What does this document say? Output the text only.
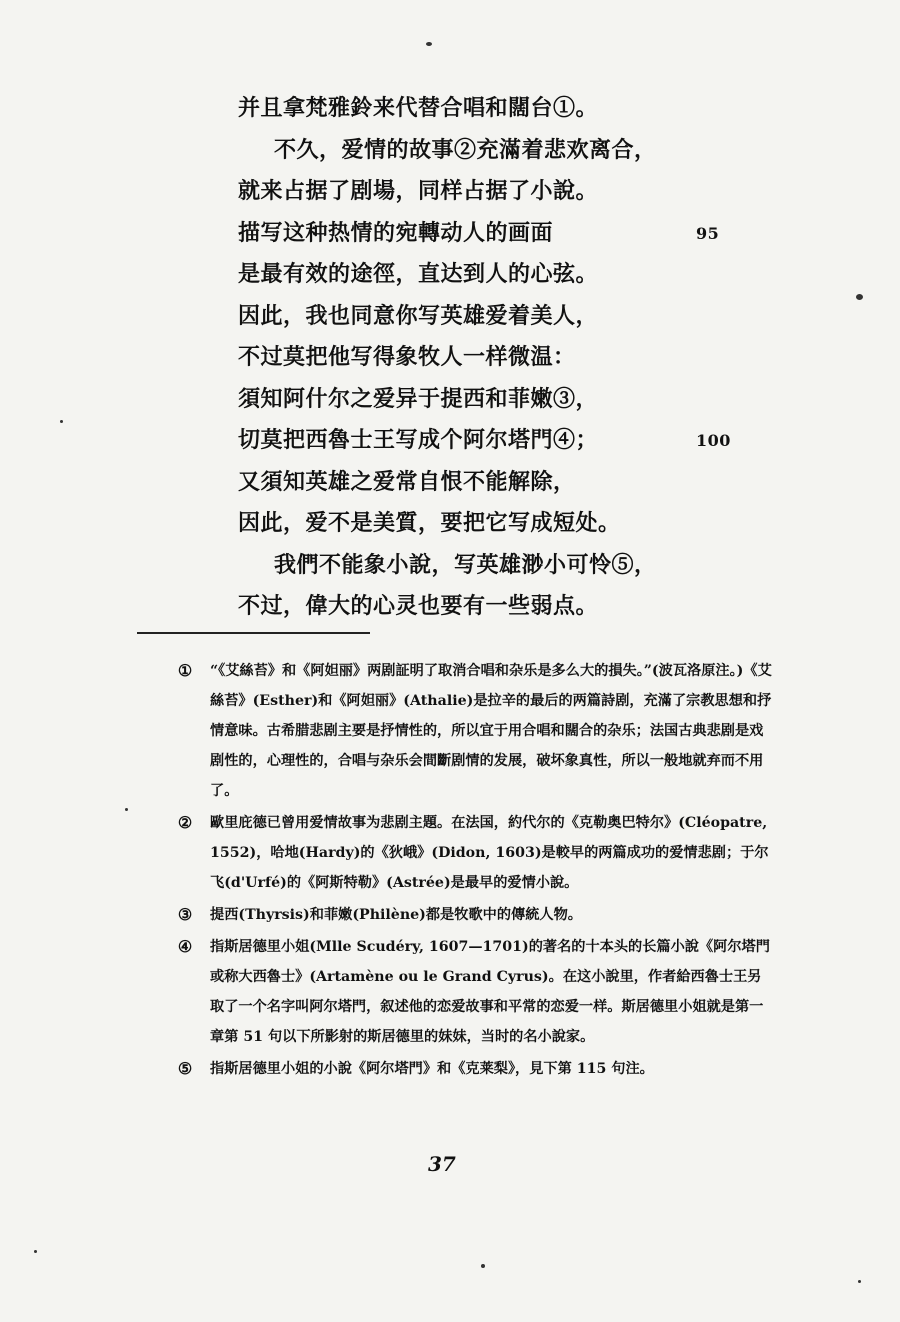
并且拿梵雅鈴来代替合唱和闊台①。
不久，爱情的故事②充滿着悲欢离合，
就来占据了剧場，同样占据了小說。
描写这种热情的宛轉动人的画面	95
是最有效的途徑，直达到人的心弦。
因此，我也同意你写英雄爱着美人，
不过莫把他写得象牧人一样微温：
須知阿什尔之爱异于提西和菲嫩③，
切莫把西魯士王写成个阿尔塔門④；	100
又須知英雄之爱常自恨不能解除，
因此，爱不是美質，要把它写成短处。
我們不能象小說，写英雄渺小可怜⑤，
不过，偉大的心灵也要有一些弱点。
①	“《艾絲苔》和《阿妲丽》两剧証明了取消合唱和杂乐是多么大的損失。”(波瓦洛原注。)《艾絲苔》(Esther)和《阿妲丽》(Athalie)是拉辛的最后的两篇詩剧，充滿了宗教思想和抒情意味。古希腊悲剧主要是抒情性的，所以宜于用合唱和闊合的杂乐；法国古典悲剧是戏剧性的，心理性的，合唱与杂乐会間斷剧情的发展，破坏象真性，所以一般地就弃而不用了。
②	歐里庇德已曾用爱情故事为悲剧主題。在法国，約代尔的《克勒奥巴特尔》(Cléopatre, 1552)，哈地(Hardy)的《狄峨》(Didon, 1603)是較早的两篇成功的爱情悲剧；于尔飞(d'Urfé)的《阿斯特勒》(Astrée)是最早的爱情小說。
③	提西(Thyrsis)和菲嫩(Philène)都是牧歌中的傳統人物。
④	指斯居德里小姐(Mlle Scudéry, 1607—1701)的著名的十本头的长篇小說《阿尔塔門或称大西魯士》(Artamène ou le Grand Cyrus)。在这小說里，作者給西魯士王另取了一个名字叫阿尔塔門，叙述他的恋爱故事和平常的恋爱一样。斯居德里小姐就是第一章第 51 句以下所影射的斯居德里的妹妹，当时的名小說家。
⑤	指斯居德里小姐的小說《阿尔塔門》和《克莱梨》，見下第 115 句注。
37
